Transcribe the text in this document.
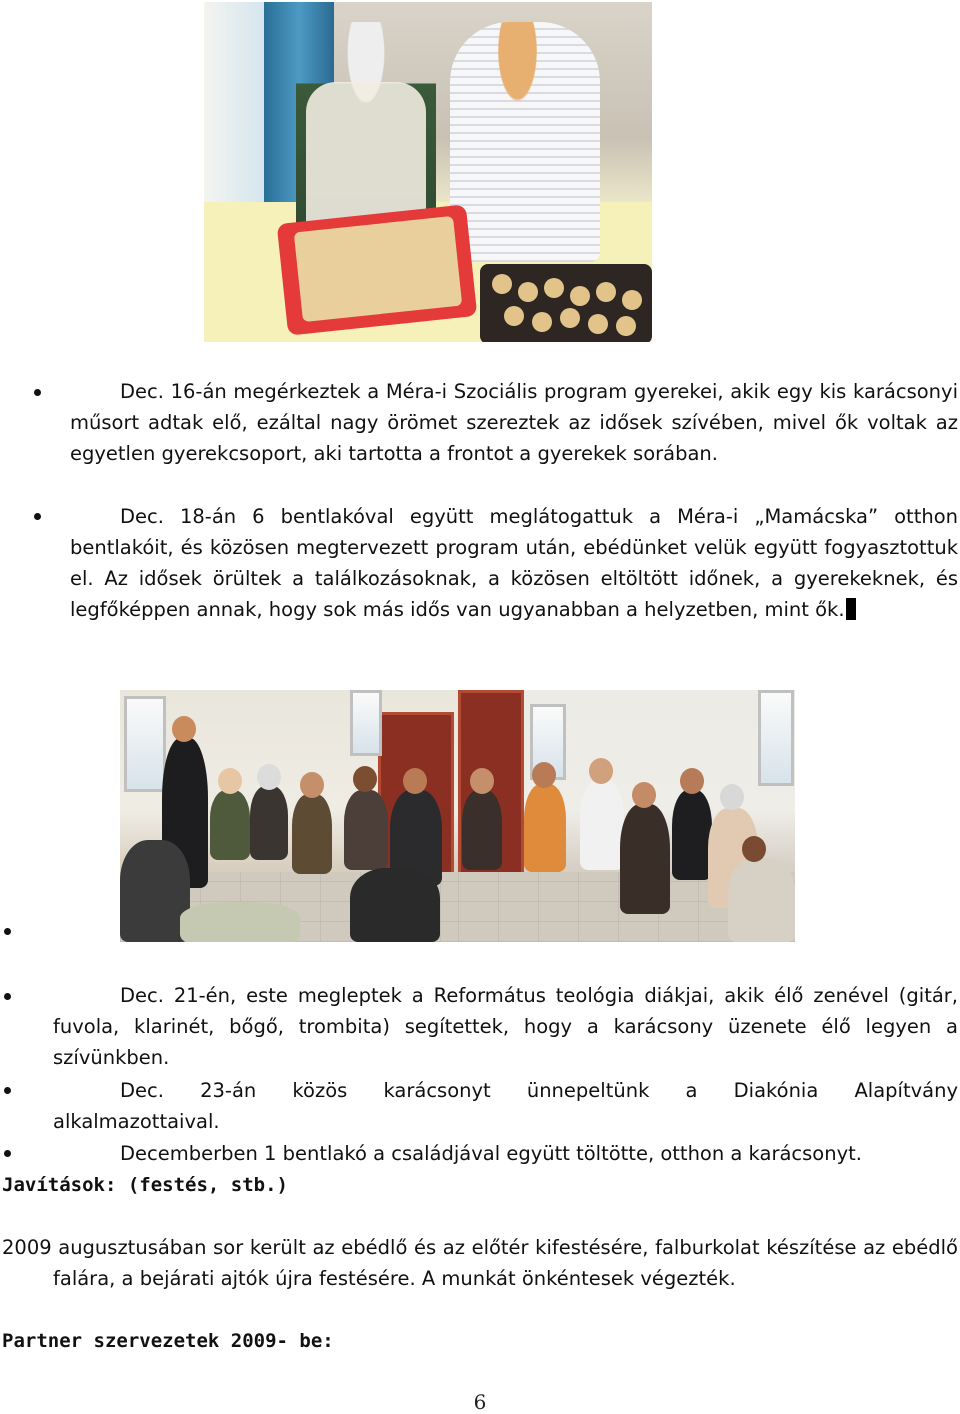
Dec. 16-án megérkeztek a Méra-i Szociális program gyerekei, akik egy kis karácsonyi műsort adtak elő, ezáltal nagy örömet szereztek az idősek szívében, mivel ők voltak az egyetlen gyerekcsoport, aki tartotta a frontot a gyerekek sorában.
Dec. 18-án 6 bentlakóval együtt meglátogattuk a Méra-i „Mamácska” otthon bentlakóit, és közösen megtervezett program után, ebédünket velük együtt fogyasztottuk el. Az idősek örültek a találkozásoknak, a közösen eltöltött időnek, a gyerekeknek, és legfőképpen annak, hogy sok más idős van ugyanabban a helyzetben, mint ők.
Dec. 21-én, este megleptek a Református teológia diákjai, akik élő zenével (gitár, fuvola, klarinét, bőgő, trombita) segítettek, hogy a karácsony üzenete élő legyen a szívünkben.
Dec. 23-án közös karácsonyt ünnepeltünk a Diakónia Alapítvány alkalmazottaival.
Decemberben 1 bentlakó a családjával együtt töltötte, otthon a karácsonyt.
Javítások: (festés, stb.)
2009 augusztusában sor került az ebédlő és az előtér kifestésére, falburkolat készítése az ebédlő falára, a bejárati ajtók újra festésére. A munkát önkéntesek végezték.
Partner szervezetek 2009- be:
6
